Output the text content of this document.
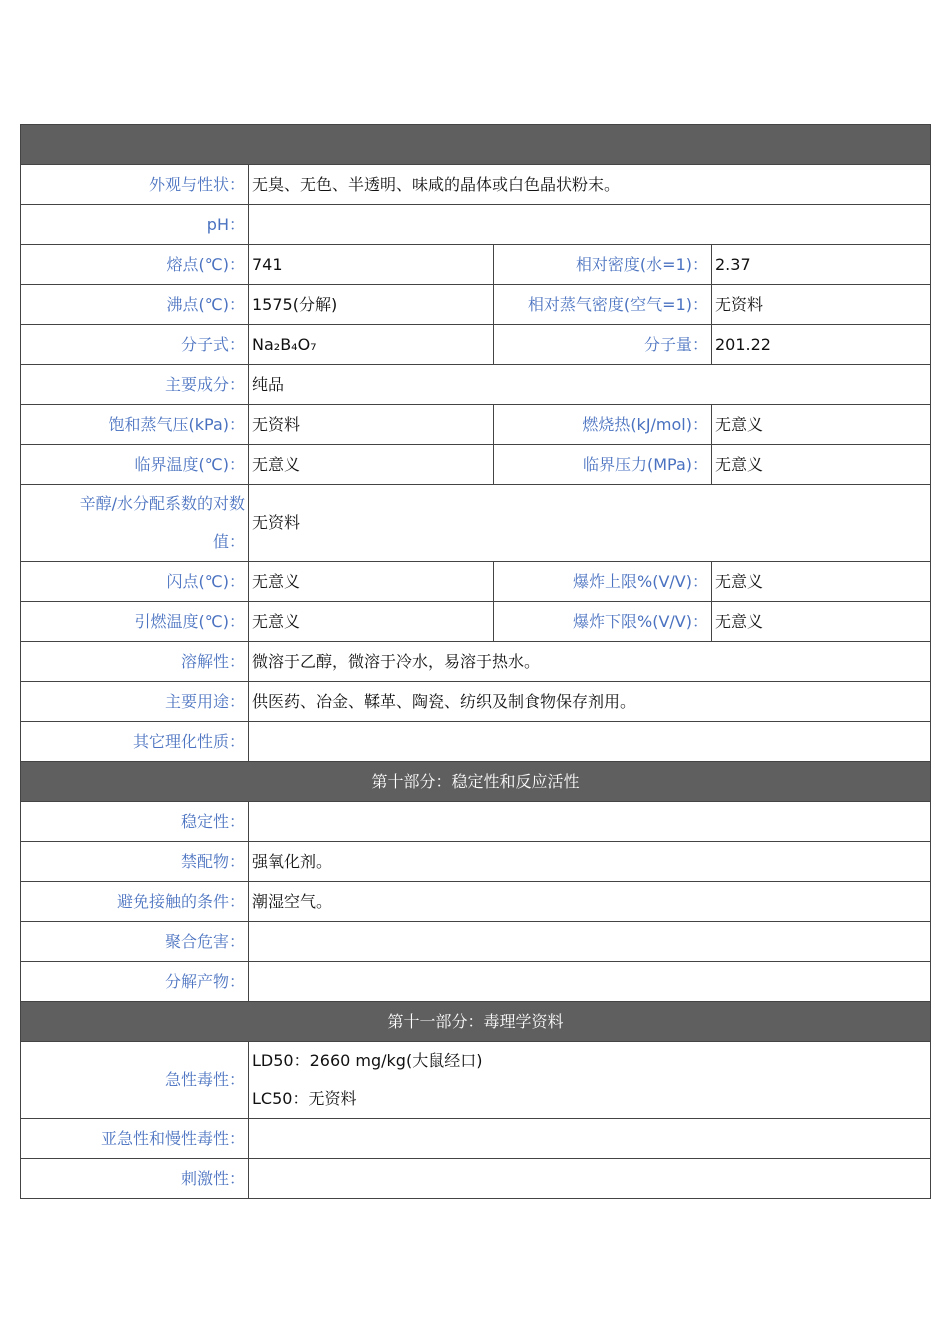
外观与性状：	无臭、无色、半透明、味咸的晶体或白色晶状粉末。		
pH：			
熔点(℃)：	741	相对密度(水=1)：	2.37
沸点(℃)：	1575(分解)	相对蒸气密度(空气=1)：	无资料
分子式：	Na₂B₄O₇	分子量：	201.22
主要成分：	纯品		
饱和蒸气压(kPa)：	无资料	燃烧热(kJ/mol)：	无意义
临界温度(℃)：	无意义	临界压力(MPa)：	无意义

辛醇/水分配系数的对数
值：	无资料		

闪点(℃)：	无意义	爆炸上限%(V/V)：	无意义
引燃温度(℃)：	无意义	爆炸下限%(V/V)：	无意义
溶解性：	微溶于乙醇，微溶于冷水，易溶于热水。		
主要用途：	供医药、冶金、鞣革、陶瓷、纺织及制食物保存剂用。		
其它理化性质：			
第十部分：稳定性和反应活性			
稳定性：			
禁配物：	强氧化剂。		
避免接触的条件：	潮湿空气。		
聚合危害：			
分解产物：			
第十一部分：毒理学资料			

急性毒性：	LD50：2660 mg/kg(大鼠经口)
LC50：无资料		

亚急性和慢性毒性：			
刺激性：			
